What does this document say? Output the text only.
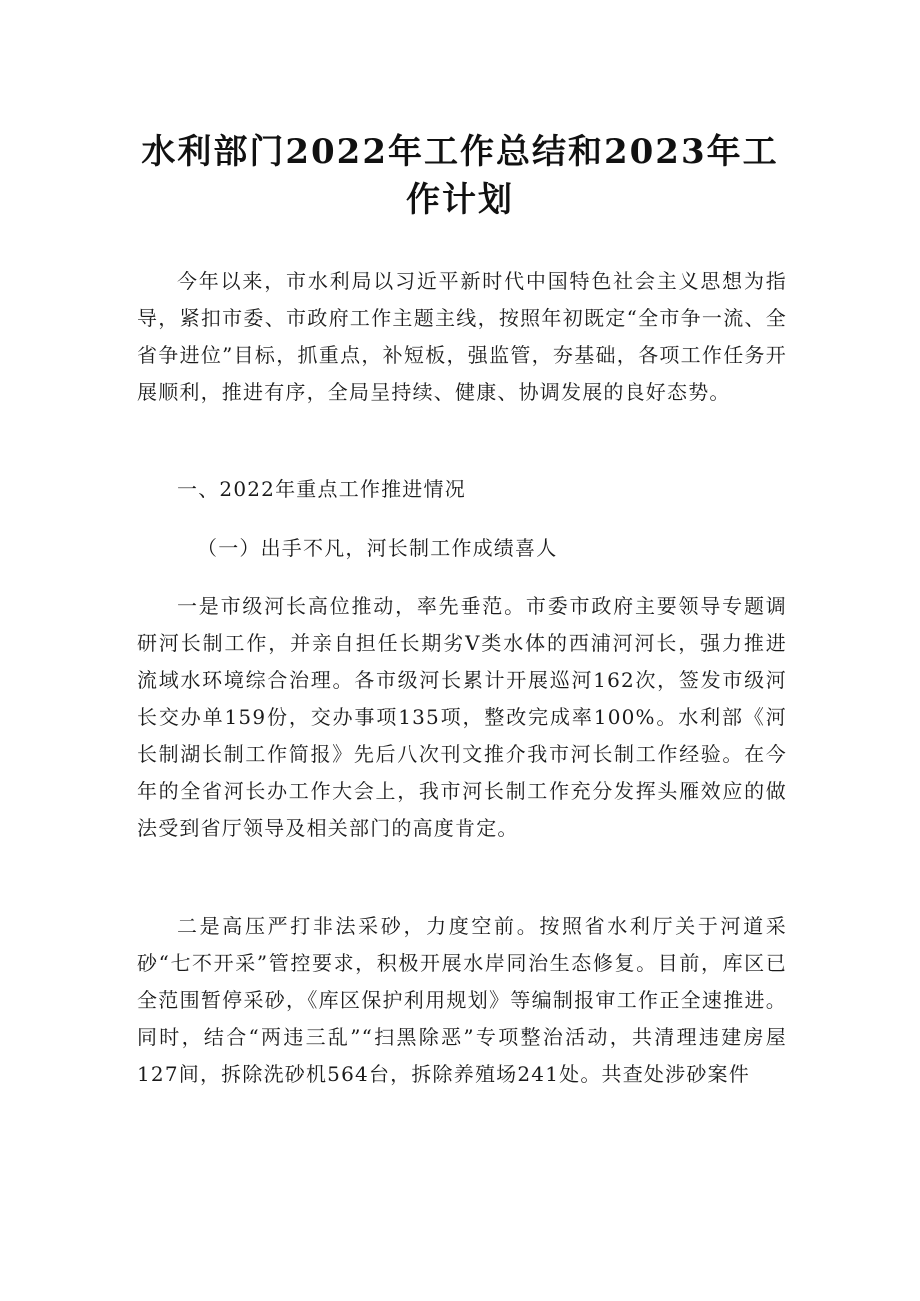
水利部门2022年工作总结和2023年工作计划

今年以来，市水利局以习近平新时代中国特色社会主义思想为指导，紧扣市委、市政府工作主题主线，按照年初既定“全市争一流、全省争进位”目标，抓重点，补短板，强监管，夯基础，各项工作任务开展顺利，推进有序，全局呈持续、健康、协调发展的良好态势。

一、2022年重点工作推进情况

（一）出手不凡，河长制工作成绩喜人

一是市级河长高位推动，率先垂范。市委市政府主要领导专题调研河长制工作，并亲自担任长期劣Ⅴ类水体的西浦河河长，强力推进流域水环境综合治理。各市级河长累计开展巡河162次，签发市级河长交办单159份，交办事项135项，整改完成率100%。水利部《河长制湖长制工作简报》先后八次刊文推介我市河长制工作经验。在今年的全省河长办工作大会上，我市河长制工作充分发挥头雁效应的做法受到省厅领导及相关部门的高度肯定。

二是高压严打非法采砂，力度空前。按照省水利厅关于河道采砂“七不开采”管控要求，积极开展水岸同治生态修复。目前，库区已全范围暂停采砂，《库区保护利用规划》等编制报审工作正全速推进。同时，结合“两违三乱”“扫黑除恶”专项整治活动，共清理违建房屋127间，拆除洗砂机564台，拆除养殖场241处。共查处涉砂案件
